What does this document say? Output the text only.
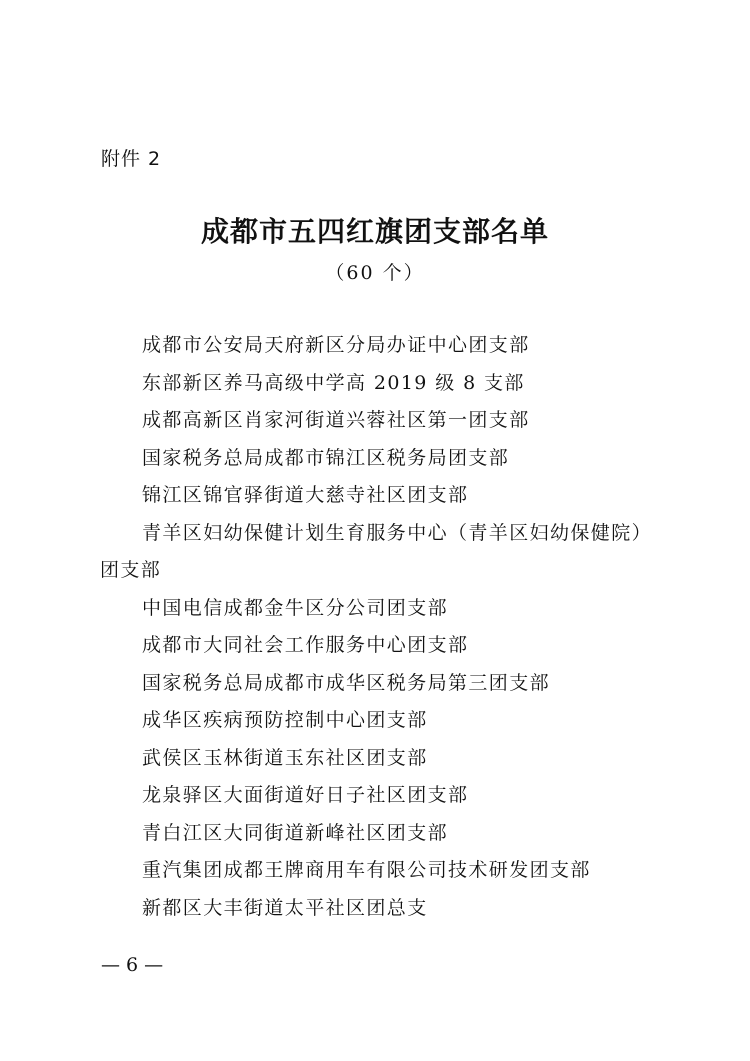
附件 2
成都市五四红旗团支部名单
（60 个）
成都市公安局天府新区分局办证中心团支部
东部新区养马高级中学高 2019 级 8 支部
成都高新区肖家河街道兴蓉社区第一团支部
国家税务总局成都市锦江区税务局团支部
锦江区锦官驿街道大慈寺社区团支部
青羊区妇幼保健计划生育服务中心（青羊区妇幼保健院）团支部
中国电信成都金牛区分公司团支部
成都市大同社会工作服务中心团支部
国家税务总局成都市成华区税务局第三团支部
成华区疾病预防控制中心团支部
武侯区玉林街道玉东社区团支部
龙泉驿区大面街道好日子社区团支部
青白江区大同街道新峰社区团支部
重汽集团成都王牌商用车有限公司技术研发团支部
新都区大丰街道太平社区团总支
— 6 —
